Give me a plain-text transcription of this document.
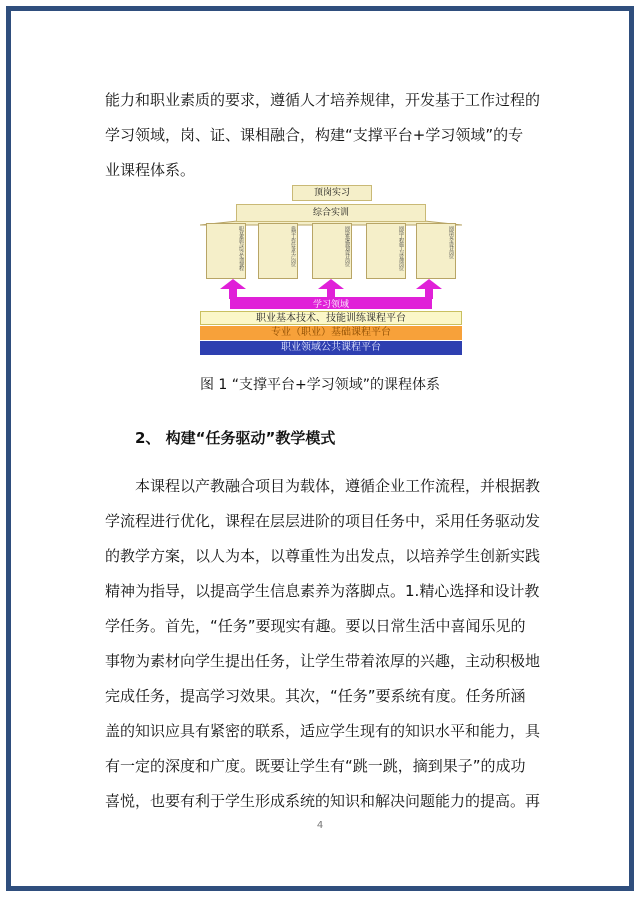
能力和职业素质的要求，遵循人才培养规律，开发基于工作过程的
学习领域，岗、证、课相融合，构建“支撑平台+学习领域”的专
业课程体系。
顶岗实习
综合实训
职业素质与综合实训课程	典型工作任务生产岗位	网络系统规划设计岗位	网络工程施工与管理岗位	网络安全设计岗位
学习领域
职业基本技术、技能训练课程平台
专业（职业）基础课程平台
职业领域公共课程平台
图 1 “支撑平台+学习领域”的课程体系
2、 构建“任务驱动”教学模式
本课程以产教融合项目为载体，遵循企业工作流程，并根据教
学流程进行优化，课程在层层进阶的项目任务中，采用任务驱动发
的教学方案，以人为本，以尊重性为出发点，以培养学生创新实践
精神为指导，以提高学生信息素养为落脚点。1.精心选择和设计教
学任务。首先，“任务”要现实有趣。要以日常生活中喜闻乐见的
事物为素材向学生提出任务，让学生带着浓厚的兴趣，主动积极地
完成任务，提高学习效果。其次，“任务”要系统有度。任务所涵
盖的知识应具有紧密的联系，适应学生现有的知识水平和能力，具
有一定的深度和广度。既要让学生有“跳一跳，摘到果子”的成功
喜悦，也要有利于学生形成系统的知识和解决问题能力的提高。再
4
